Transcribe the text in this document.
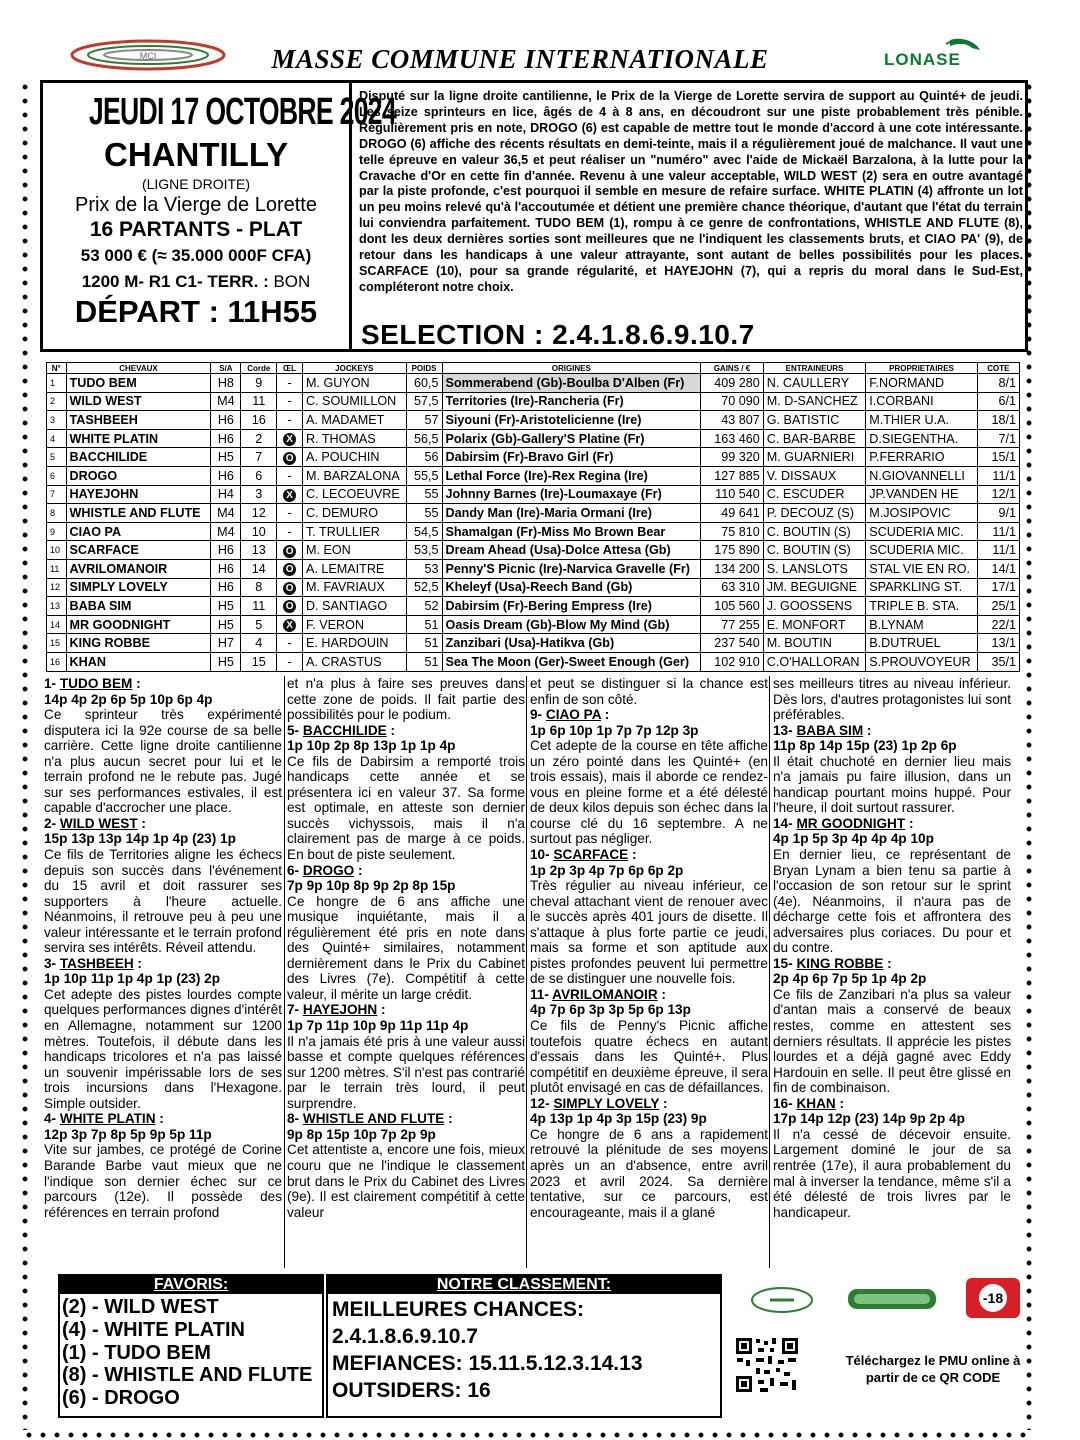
MCI	MASSE COMMUNE INTERNATIONALE	LONASE
JEUDI 17 OCTOBRE 2024
CHANTILLY
(LIGNE DROITE)
Prix de la Vierge de Lorette
16 PARTANTS - PLAT
53 000 € (≈ 35.000 000F CFA)
1200 M- R1 C1- TERR. : BON
DÉPART : 11H55
Disputé sur la ligne droite cantilienne, le Prix de la Vierge de Lorette servira de support au Quinté+ de jeudi. Les seize sprinteurs en lice, âgés de 4 à 8 ans, en découdront sur une piste probablement très pénible. Régulièrement pris en note, DROGO (6) est capable de mettre tout le monde d'accord à une cote intéressante. DROGO (6) affiche des récents résultats en demi-teinte, mais il a régulièrement joué de malchance. Il vaut une telle épreuve en valeur 36,5 et peut réaliser un "numéro" avec l'aide de Mickaël Barzalona, à la lutte pour la Cravache d'Or en cette fin d'année. Revenu à une valeur acceptable, WILD WEST (2) sera en outre avantagé par la piste profonde, c'est pourquoi il semble en mesure de refaire surface. WHITE PLATIN (4) affronte un lot un peu moins relevé qu'à l'accoutumée et détient une première chance théorique, d'autant que l'état du terrain lui conviendra parfaitement. TUDO BEM (1), rompu à ce genre de confrontations, WHISTLE AND FLUTE (8), dont les deux dernières sorties sont meilleures que ne l'indiquent les classements bruts, et CIAO PA' (9), de retour dans les handicaps à une valeur attrayante, sont autant de belles possibilités pour les places. SCARFACE (10), pour sa grande régularité, et HAYEJOHN (7), qui a repris du moral dans le Sud-Est, compléteront notre choix.
SELECTION : 2.4.1.8.6.9.10.7
N°	CHEVAUX	S/A	Corde	ŒL	JOCKEYS	POIDS	ORIGINES	GAINS / €	ENTRAINEURS	PROPRIETAIRES	COTE
1	TUDO BEM	H8	9	-	M. GUYON	60,5	Sommerabend (Gb)-Boulba D'Alben (Fr)	409 280	N. CAULLERY	F.NORMAND	8/1
2	WILD WEST	M4	11	-	C. SOUMILLON	57,5	Territories (Ire)-Rancheria (Fr)	70 090	M. D-SANCHEZ	I.CORBANI	6/1
3	TASHBEEH	H6	16	-	A. MADAMET	57	Siyouni (Fr)-Aristotelicienne (Ire)	43 807	G. BATISTIC	M.THIER U.A.	18/1
4	WHITE PLATIN	H6	2	X	R. THOMAS	56,5	Polarix (Gb)-Gallery'S Platine (Fr)	163 460	C. BAR-BARBE	D.SIEGENTHA.	7/1
5	BACCHILIDE	H5	7	O	A. POUCHIN	56	Dabirsim (Fr)-Bravo Girl (Fr)	99 320	M. GUARNIERI	P.FERRARIO	15/1
6	DROGO	H6	6	-	M. BARZALONA	55,5	Lethal Force (Ire)-Rex Regina (Ire)	127 885	V. DISSAUX	N.GIOVANNELLI	11/1
7	HAYEJOHN	H4	3	X	C. LECOEUVRE	55	Johnny Barnes (Ire)-Loumaxaye (Fr)	110 540	C. ESCUDER	JP.VANDEN HE	12/1
8	WHISTLE AND FLUTE	M4	12	-	C. DEMURO	55	Dandy Man (Ire)-Maria Ormani (Ire)	49 641	P. DECOUZ (S)	M.JOSIPOVIC	9/1
9	CIAO PA	M4	10	-	T. TRULLIER	54,5	Shamalgan (Fr)-Miss Mo Brown Bear	75 810	C. BOUTIN (S)	SCUDERIA MIC.	11/1
10	SCARFACE	H6	13	O	M. EON	53,5	Dream Ahead (Usa)-Dolce Attesa (Gb)	175 890	C. BOUTIN (S)	SCUDERIA MIC.	11/1
11	AVRILOMANOIR	H6	14	O	A. LEMAITRE	53	Penny'S Picnic (Ire)-Narvica Gravelle (Fr)	134 200	S. LANSLOTS	STAL VIE EN RO.	14/1
12	SIMPLY LOVELY	H6	8	O	M. FAVRIAUX	52,5	Kheleyf (Usa)-Reech Band (Gb)	63 310	JM. BEGUIGNE	SPARKLING ST.	17/1
13	BABA SIM	H5	11	O	D. SANTIAGO	52	Dabirsim (Fr)-Bering Empress (Ire)	105 560	J. GOOSSENS	TRIPLE B. STA.	25/1
14	MR GOODNIGHT	H5	5	X	F. VERON	51	Oasis Dream (Gb)-Blow My Mind (Gb)	77 255	E. MONFORT	B.LYNAM	22/1
15	KING ROBBE	H7	4	-	E. HARDOUIN	51	Zanzibari (Usa)-Hatikva (Gb)	237 540	M. BOUTIN	B.DUTRUEL	13/1
16	KHAN	H5	15	-	A. CRASTUS	51	Sea The Moon (Ger)-Sweet Enough (Ger)	102 910	C.O'HALLORAN	S.PROUVOYEUR	35/1
1- TUDO BEM :
14p 4p 2p 6p 5p 10p 6p 4p

Ce sprinteur très expérimenté disputera ici la 92e course de sa belle carrière. Cette ligne droite cantilienne n'a plus aucun secret pour lui et le terrain profond ne le rebute pas. Jugé sur ses performances estivales, il est capable d'accrocher une place.

2- WILD WEST :
15p 13p 13p 14p 1p 4p (23) 1p

Ce fils de Territories aligne les échecs depuis son succès dans l'événement du 15 avril et doit rassurer ses supporters à l'heure actuelle. Néanmoins, il retrouve peu à peu une valeur intéressante et le terrain profond servira ses intérêts. Réveil attendu.

3- TASHBEEH :
1p 10p 11p 1p 4p 1p (23) 2p

Cet adepte des pistes lourdes compte quelques performances dignes d'intérêt en Allemagne, notamment sur 1200 mètres. Toutefois, il débute dans les handicaps tricolores et n'a pas laissé un souvenir impérissable lors de ses trois incursions dans l'Hexagone. Simple outsider.

4- WHITE PLATIN :
12p 3p 7p 8p 5p 9p 5p 11p

Vite sur jambes, ce protégé de Corine Barande Barbe vaut mieux que ne l'indique son dernier échec sur ce parcours (12e). Il possède des références en terrain profond

et n'a plus à faire ses preuves dans cette zone de poids. Il fait partie des possibilités pour le podium.

5- BACCHILIDE :
1p 10p 2p 8p 13p 1p 1p 4p

Ce fils de Dabirsim a remporté trois handicaps cette année et se présentera ici en valeur 37. Sa forme est optimale, en atteste son dernier succès vichyssois, mais il n'a clairement pas de marge à ce poids. En bout de piste seulement.

6- DROGO :
7p 9p 10p 8p 9p 2p 8p 15p

Ce hongre de 6 ans affiche une musique inquiétante, mais il a régulièrement été pris en note dans des Quinté+ similaires, notamment dernièrement dans le Prix du Cabinet des Livres (7e). Compétitif à cette valeur, il mérite un large crédit.

7- HAYEJOHN :
1p 7p 11p 10p 9p 11p 11p 4p

Il n'a jamais été pris à une valeur aussi basse et compte quelques références sur 1200 mètres. S'il n'est pas contrarié par le terrain très lourd, il peut surprendre.

8- WHISTLE AND FLUTE :
9p 8p 15p 10p 7p 2p 9p

Cet attentiste a, encore une fois, mieux couru que ne l'indique le classement brut dans le Prix du Cabinet des Livres (9e). Il est clairement compétitif à cette valeur

et peut se distinguer si la chance est enfin de son côté.

9- CIAO PA :
1p 6p 10p 1p 7p 7p 12p 3p

Cet adepte de la course en tête affiche un zéro pointé dans les Quinté+ (en trois essais), mais il aborde ce rendez-vous en pleine forme et a été délesté de deux kilos depuis son échec dans la course clé du 16 septembre. A ne surtout pas négliger.

10- SCARFACE :
1p 2p 3p 4p 7p 6p 6p 2p

Très régulier au niveau inférieur, ce cheval attachant vient de renouer avec le succès après 401 jours de disette. Il s'attaque à plus forte partie ce jeudi, mais sa forme et son aptitude aux pistes profondes peuvent lui permettre de se distinguer une nouvelle fois.

11- AVRILOMANOIR :
4p 7p 6p 3p 3p 5p 6p 13p

Ce fils de Penny's Picnic affiche toutefois quatre échecs en autant d'essais dans les Quinté+. Plus compétitif en deuxième épreuve, il sera plutôt envisagé en cas de défaillances.

12- SIMPLY LOVELY :
4p 13p 1p 4p 3p 15p (23) 9p

Ce hongre de 6 ans a rapidement retrouvé la plénitude de ses moyens après un an d'absence, entre avril 2023 et avril 2024. Sa dernière tentative, sur ce parcours, est encourageante, mais il a glané

ses meilleurs titres au niveau inférieur. Dès lors, d'autres protagonistes lui sont préférables.

13- BABA SIM :
11p 8p 14p 15p (23) 1p 2p 6p

Il était chuchoté en dernier lieu mais n'a jamais pu faire illusion, dans un handicap pourtant moins huppé. Pour l'heure, il doit surtout rassurer.

14- MR GOODNIGHT :
4p 1p 5p 3p 4p 4p 4p 10p

En dernier lieu, ce représentant de Bryan Lynam a bien tenu sa partie à l'occasion de son retour sur le sprint (4e). Néanmoins, il n'aura pas de décharge cette fois et affrontera des adversaires plus coriaces. Du pour et du contre.

15- KING ROBBE :
2p 4p 6p 7p 5p 1p 4p 2p

Ce fils de Zanzibari n'a plus sa valeur d'antan mais a conservé de beaux restes, comme en attestent ses derniers résultats. Il apprécie les pistes lourdes et a déjà gagné avec Eddy Hardouin en selle. Il peut être glissé en fin de combinaison.

16- KHAN :
17p 14p 12p (23) 14p 9p 2p 4p

Il n'a cessé de décevoir ensuite. Largement dominé le jour de sa rentrée (17e), il aura probablement du mal à inverser la tendance, même s'il a été délesté de trois livres par le handicapeur.

FAVORIS:
(2) - WILD WEST
(4) - WHITE PLATIN
(1) - TUDO BEM
(8) - WHISTLE AND FLUTE
(6) - DROGO
NOTRE CLASSEMENT:
MEILLEURES CHANCES:
2.4.1.8.6.9.10.7
MEFIANCES: 15.11.5.12.3.14.13
OUTSIDERS: 16
-18
Téléchargez le PMU online à partir de ce QR CODE
